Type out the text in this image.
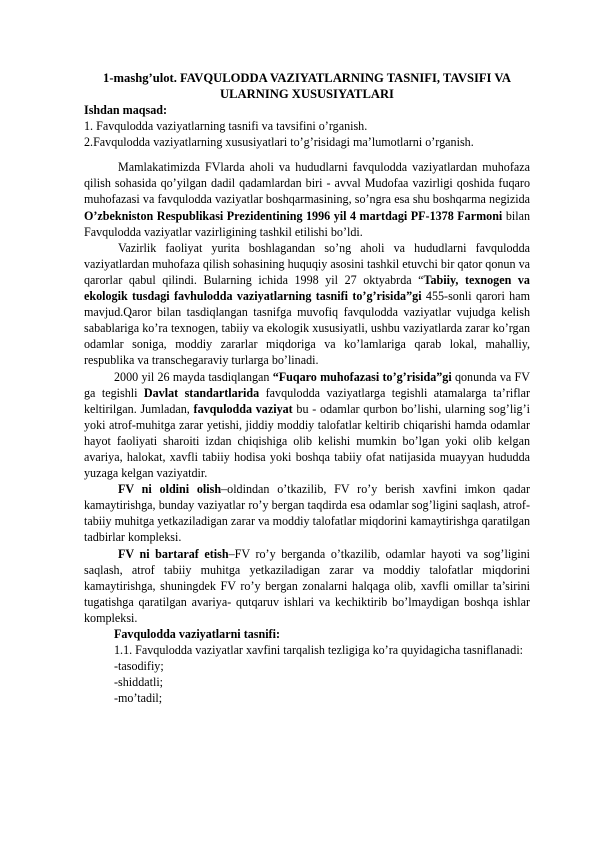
1-mashg’ulot. FAVQULODDA VAZIYATLARNING TASNIFI, TAVSIFI VA ULARNING XUSUSIYATLARI

Ishdan maqsad:

1. Favqulodda vaziyatlarning tasnifi va tavsifini o’rganish.

2.Favqulodda vaziyatlarning xususiyatlari to’g’risidagi ma’lumotlarni o’rganish.

Mamlakatimizda FVlarda aholi va hududlarni favqulodda vaziyatlardan muhofaza qilish sohasida qo’yilgan dadil qadamlardan biri - avval Mudofaa vazirligi qoshida fuqaro muhofazasi va favqulodda vaziyatlar boshqarmasining, so’ngra esa shu boshqarma negizida O’zbekniston Respublikasi Prezidentining 1996 yil 4 martdagi PF-1378 Farmoni bilan Favqulodda vaziyatlar vazirligining tashkil etilishi bo’ldi.

Vazirlik faoliyat yurita boshlagandan so’ng aholi va hududlarni favqulodda vaziyatlardan muhofaza qilish sohasining huquqiy asosini tashkil etuvchi bir qator qonun va qarorlar qabul qilindi. Bularning ichida 1998 yil 27 oktyabrda “Tabiiy, texnogen va ekologik tusdagi favhulodda vaziyatlarning tasnifi to’g’risida”gi 455-sonli qarori ham mavjud.Qaror bilan tasdiqlangan tasnifga muvofiq favqulodda vaziyatlar vujudga kelish sabablariga ko’ra texnogen, tabiiy va ekologik xususiyatli, ushbu vaziyatlarda zarar ko’rgan odamlar soniga, moddiy zararlar miqdoriga va ko’lamlariga qarab lokal, mahalliy, respublika va transchegaraviy turlarga bo’linadi.

2000 yil 26 mayda tasdiqlangan “Fuqaro muhofazasi to’g’risida”gi qonunda va FV ga tegishli Davlat standartlarida favqulodda vaziyatlarga tegishli atamalarga ta’riflar keltirilgan. Jumladan, favqulodda vaziyat bu - odamlar qurbon bo’lishi, ularning sog’lig’i yoki atrof-muhitga zarar yetishi, jiddiy moddiy talofatlar keltirib chiqarishi hamda odamlar hayot faoliyati sharoiti izdan chiqishiga olib kelishi mumkin bo’lgan yoki olib kelgan avariya, halokat, xavfli tabiiy hodisa yoki boshqa tabiiy ofat natijasida muayyan hududda yuzaga kelgan vaziyatdir.

FV ni oldini olish–oldindan o’tkazilib, FV ro’y berish xavfini imkon qadar kamaytirishga, bunday vaziyatlar ro’y bergan taqdirda esa odamlar sog’ligini saqlash, atrof-tabiiy muhitga yetkaziladigan zarar va moddiy talofatlar miqdorini kamaytirishga qaratilgan tadbirlar kompleksi.

FV ni bartaraf etish–FV ro’y berganda o’tkazilib, odamlar hayoti va sog’ligini saqlash, atrof tabiiy muhitga yetkaziladigan zarar va moddiy talofatlar miqdorini kamaytirishga, shuningdek FV ro’y bergan zonalarni halqaga olib, xavfli omillar ta’sirini tugatishga qaratilgan avariya- qutqaruv ishlari va kechiktirib bo’lmaydigan boshqa ishlar kompleksi.

Favqulodda vaziyatlarni tasnifi:

1.1. Favqulodda vaziyatlar xavfini tarqalish tezligiga ko’ra quyidagicha tasniflanadi:

-tasodifiy;

-shiddatli;

-mo’tadil;
